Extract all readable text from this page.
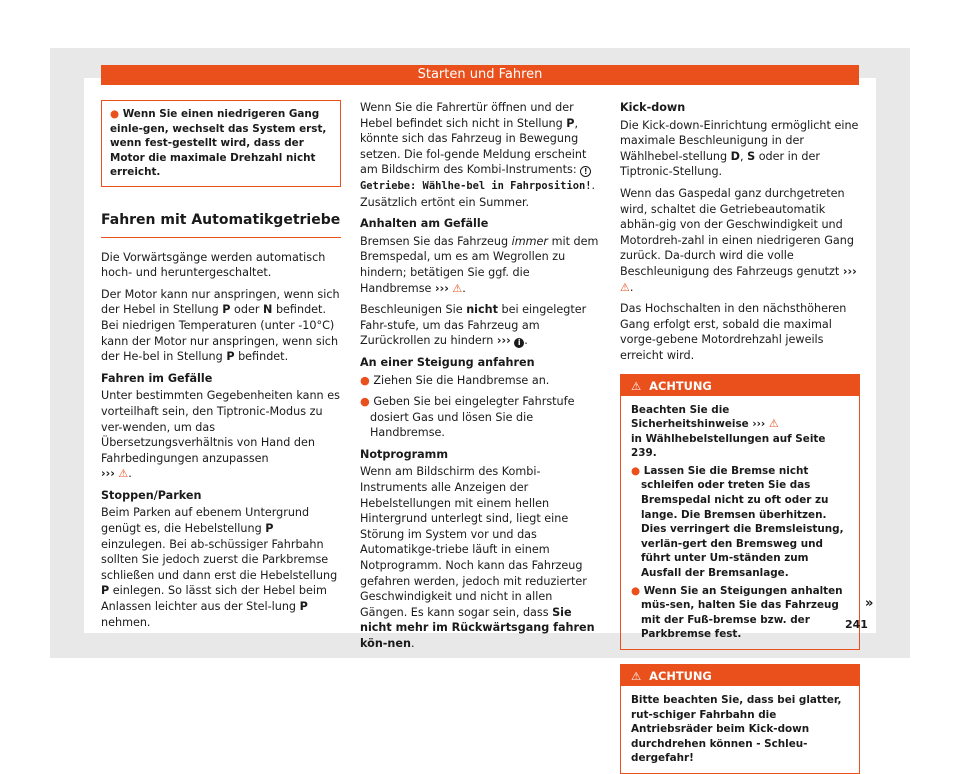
Starten und Fahren
● Wenn Sie einen niedrigeren Gang einle-gen, wechselt das System erst, wenn fest-gestellt wird, dass der Motor die maximale Drehzahl nicht erreicht.
Fahren mit Automatikgetriebe

Die Vorwärtsgänge werden automatisch hoch- und heruntergeschaltet.

Der Motor kann nur anspringen, wenn sich der Hebel in Stellung P oder N befindet. Bei niedrigen Temperaturen (unter -10°C) kann der Motor nur anspringen, wenn sich der He-bel in Stellung P befindet.

Fahren im Gefälle

Unter bestimmten Gegebenheiten kann es vorteilhaft sein, den Tiptronic-Modus zu ver-wenden, um das Übersetzungsverhältnis von Hand den Fahrbedingungen anzupassen
››› ⚠.

Stoppen/Parken

Beim Parken auf ebenem Untergrund genügt es, die Hebelstellung P einzulegen. Bei ab-schüssiger Fahrbahn sollten Sie jedoch zuerst die Parkbremse schließen und dann erst die Hebelstellung P einlegen. So lässt sich der Hebel beim Anlassen leichter aus der Stel-lung P nehmen.

Wenn Sie die Fahrertür öffnen und der Hebel befindet sich nicht in Stellung P, könnte sich das Fahrzeug in Bewegung setzen. Die fol-gende Meldung erscheint am Bildschirm des Kombi-Instruments: ! Getriebe: Wählhe-bel in Fahrposition!. Zusätzlich ertönt ein Summer.

Anhalten am Gefälle

Bremsen Sie das Fahrzeug immer mit dem Bremspedal, um es am Wegrollen zu hindern; betätigen Sie ggf. die Handbremse ››› ⚠.

Beschleunigen Sie nicht bei eingelegter Fahr-stufe, um das Fahrzeug am Zurückrollen zu hindern ››› i .

An einer Steigung anfahren

● Ziehen Sie die Handbremse an.

● Geben Sie bei eingelegter Fahrstufe dosiert Gas und lösen Sie die Handbremse.

Notprogramm

Wenn am Bildschirm des Kombi-Instruments alle Anzeigen der Hebelstellungen mit einem hellen Hintergrund unterlegt sind, liegt eine Störung im System vor und das Automatikge-triebe läuft in einem Notprogramm. Noch kann das Fahrzeug gefahren werden, jedoch mit reduzierter Geschwindigkeit und nicht in allen Gängen. Es kann sogar sein, dass Sie nicht mehr im Rückwärtsgang fahren kön-nen.

Kick-down

Die Kick-down-Einrichtung ermöglicht eine maximale Beschleunigung in der Wählhebel-stellung D, S oder in der Tiptronic-Stellung.

Wenn das Gaspedal ganz durchgetreten wird, schaltet die Getriebeautomatik abhän-gig von der Geschwindigkeit und Motordreh-zahl in einen niedrigeren Gang zurück. Da-durch wird die volle Beschleunigung des Fahrzeugs genutzt ››› ⚠.

Das Hochschalten in den nächsthöheren Gang erfolgt erst, sobald die maximal vorge-gebene Motordrehzahl jeweils erreicht wird.

⚠ ACHTUNG
Beachten Sie die Sicherheitshinweise ››› ⚠
in Wählhebelstellungen auf Seite 239.
● Lassen Sie die Bremse nicht schleifen oder treten Sie das Bremspedal nicht zu oft oder zu lange. Die Bremsen überhitzen. Dies verringert die Bremsleistung, verlän-gert den Bremsweg und führt unter Um-ständen zum Ausfall der Bremsanlage.
● Wenn Sie an Steigungen anhalten müs-sen, halten Sie das Fahrzeug mit der Fuß-bremse bzw. der Parkbremse fest.
⚠ ACHTUNG
Bitte beachten Sie, dass bei glatter, rut-schiger Fahrbahn die Antriebsräder beim Kick-down durchdrehen können - Schleu-dergefahr!
»
241
